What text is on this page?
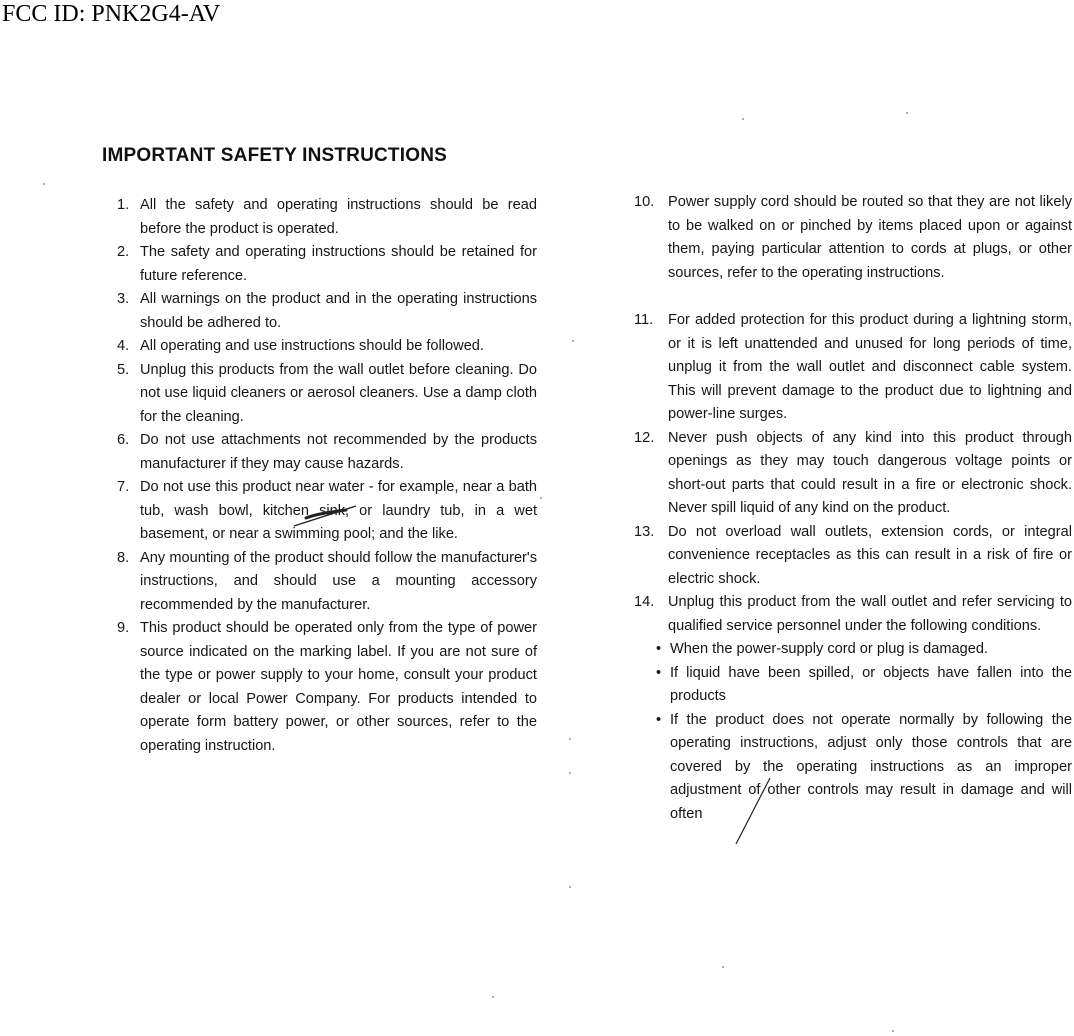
FCC ID: PNK2G4-AV
IMPORTANT SAFETY INSTRUCTIONS
1. All the safety and operating instructions should be read before the product is operated.
2. The safety and operating instructions should be retained for future reference.
3. All warnings on the product and in the operating instructions should be adhered to.
4. All operating and use instructions should be followed.
5. Unplug this products from the wall outlet before cleaning. Do not use liquid cleaners or aerosol cleaners. Use a damp cloth for the cleaning.
6. Do not use attachments not recommended by the products manufacturer if they may cause hazards.
7. Do not use this product near water - for example, near a bath tub, wash bowl, kitchen sink, or laundry tub, in a wet basement, or near a swimming pool; and the like.
8. Any mounting of the product should follow the manufacturer's instructions, and should use a mounting accessory recommended by the manufacturer.
9. This product should be operated only from the type of power source indicated on the marking label. If you are not sure of the type or power supply to your home, consult your product dealer or local Power Company. For products intended to operate form battery power, or other sources, refer to the operating instruction.
10. Power supply cord should be routed so that they are not likely to be walked on or pinched by items placed upon or against them, paying particular attention to cords at plugs, or other sources, refer to the operating instructions.
11.	For added protection for this product during a lightning storm, or it is left unattended and unused for long periods of time, unplug it from the wall outlet and disconnect cable system. This will prevent damage to the product due to lightning and power-line surges.
12. Never push objects of any kind into this product through openings as they may touch dangerous voltage points or short-out parts that could result in a fire or electronic shock. Never spill liquid of any kind on the product.
13. Do not overload wall outlets, extension cords, or integral convenience receptacles as this can result in a risk of fire or electric shock.
14. Unplug this product from the wall outlet and refer servicing to qualified service personnel under the following conditions.
• When the power-supply cord or plug is damaged.
• If liquid have been spilled, or objects have fallen into the products
• If the product does not operate normally by following the operating instructions, adjust only those controls that are covered by the operating instructions as an improper adjustment of other controls may result in damage and will often
